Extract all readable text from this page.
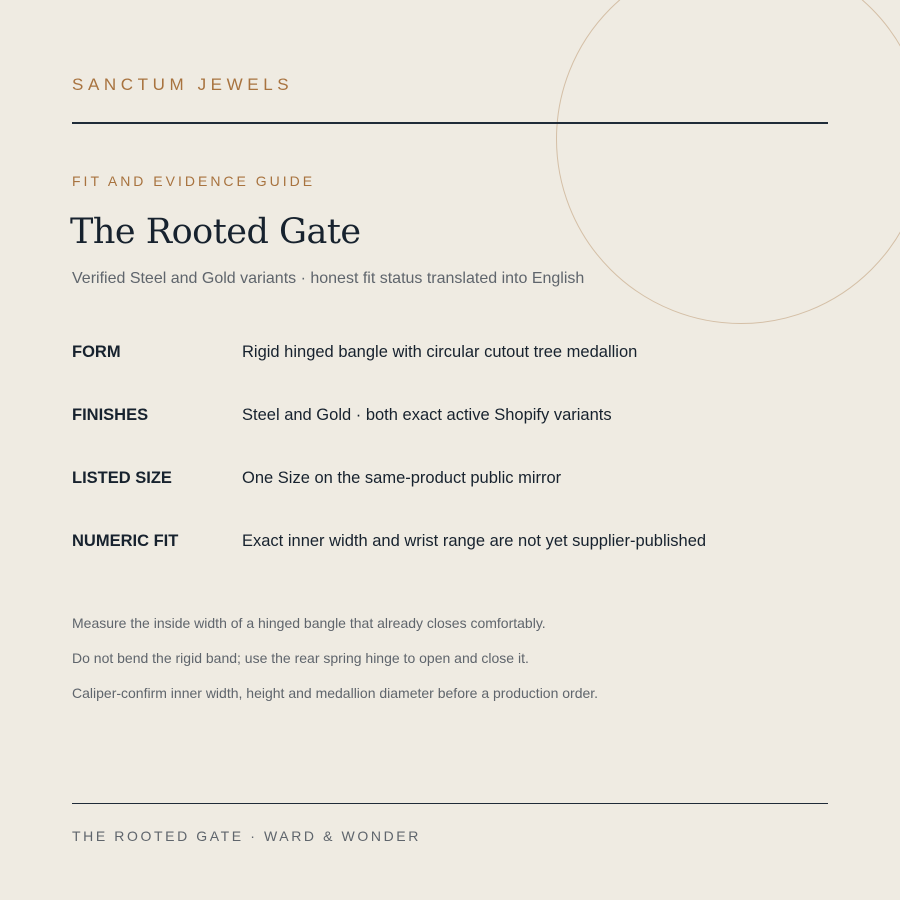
SANCTUM JEWELS
FIT AND EVIDENCE GUIDE
The Rooted Gate
Verified Steel and Gold variants · honest fit status translated into English
FORM	Rigid hinged bangle with circular cutout tree medallion
FINISHES	Steel and Gold · both exact active Shopify variants
LISTED SIZE	One Size on the same-product public mirror
NUMERIC FIT	Exact inner width and wrist range are not yet supplier-published
Measure the inside width of a hinged bangle that already closes comfortably.
Do not bend the rigid band; use the rear spring hinge to open and close it.
Caliper-confirm inner width, height and medallion diameter before a production order.
THE ROOTED GATE · WARD & WONDER
